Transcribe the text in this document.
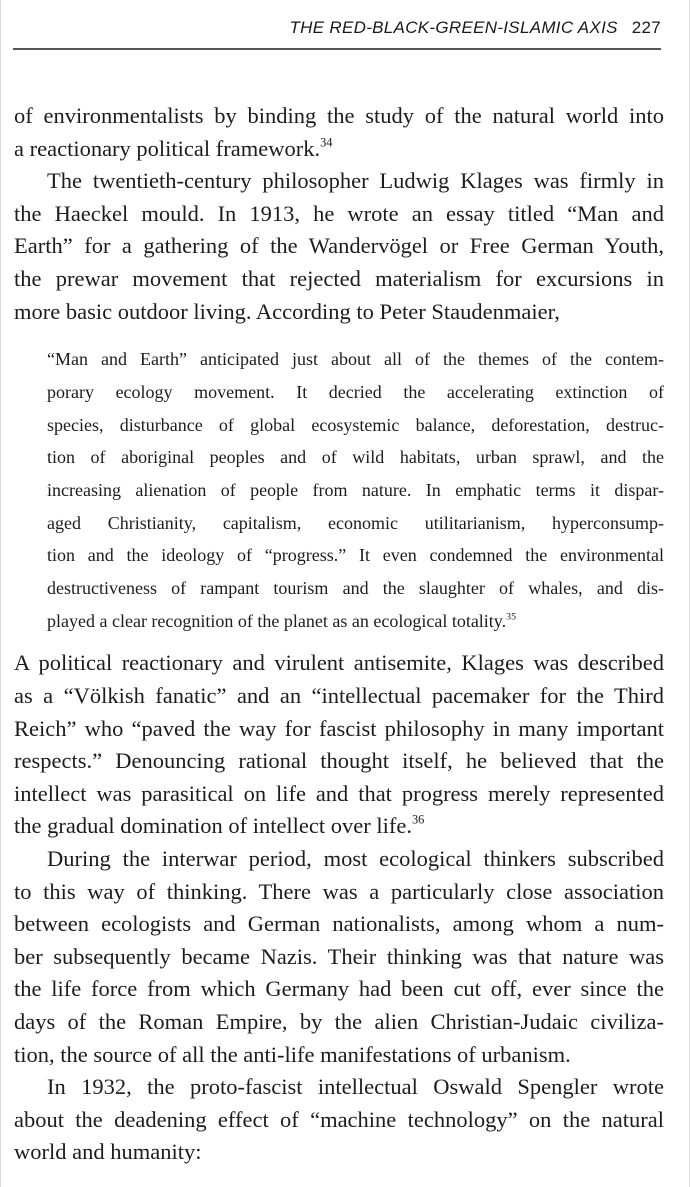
THE RED-BLACK-GREEN-ISLAMIC AXIS 227

of environmentalists by binding the study of the natural world into
a reactionary political framework.$^{34}$

The twentieth-century philosopher Ludwig Klages was firmly in
the Haeckel mould. In 1913, he wrote an essay titled “Man and
Earth” for a gathering of the Wandervögel or Free German Youth,
the prewar movement that rejected materialism for excursions in
more basic outdoor living. According to Peter Staudenmaier,

“Man and Earth” anticipated just about all of the themes of the contem-
porary ecology movement. It decried the accelerating extinction of
species, disturbance of global ecosystemic balance, deforestation, destruc-
tion of aboriginal peoples and of wild habitats, urban sprawl, and the
increasing alienation of people from nature. In emphatic terms it dispar-
aged Christianity, capitalism, economic utilitarianism, hyperconsump-
tion and the ideology of “progress.” It even condemned the environmental
destructiveness of rampant tourism and the slaughter of whales, and dis-
played a clear recognition of the planet as an ecological totality.$^{35}$

A political reactionary and virulent antisemite, Klages was described
as a “Völkish fanatic” and an “intellectual pacemaker for the Third
Reich” who “paved the way for fascist philosophy in many important
respects.” Denouncing rational thought itself, he believed that the
intellect was parasitical on life and that progress merely represented
the gradual domination of intellect over life.$^{36}$

During the interwar period, most ecological thinkers subscribed
to this way of thinking. There was a particularly close association
between ecologists and German nationalists, among whom a num-
ber subsequently became Nazis. Their thinking was that nature was
the life force from which Germany had been cut off, ever since the
days of the Roman Empire, by the alien Christian-Judaic civiliza-
tion, the source of all the anti-life manifestations of urbanism.

In 1932, the proto-fascist intellectual Oswald Spengler wrote
about the deadening effect of “machine technology” on the natural
world and humanity:
